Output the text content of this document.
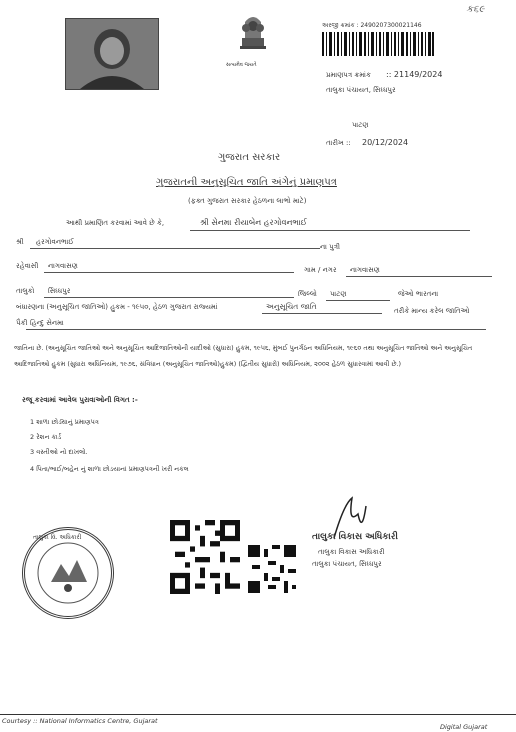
ક૬૯
સત્યમેવ જયતે
અરજી ક્રમાંક : 2490207300021146
પ્રમાણપત્ર ક્રમાંક :: 21149/2024
તાલુકા પંચાયત, સિધ્ધપુર
પાટણ
તારીખ :: 20/12/2024
ગુજરાત સરકાર
ગુજરાતની અનુસૂચિત જાતિ અંગેનું પ્રમાણપત્ર
(ફક્ત ગુજરાત સરકાર હેઠળના લાભો માટે)
આથી પ્રમાણિત કરવામાં આવે છે કે,	શ્રી સેનમા રીયાબેન હરગોવનભાઈ
શ્રી હરગોવનભાઈ
ના પુત્રી
રહેવાસી નાગવાસણ	ગામ / નગર નાગવાસણ
તાલુકો સિધ્ધપુર	જિલ્લો પાટણ	જેઓ ભારતના
બંધારણના (અનુસૂચિત જાતિઓ) હુકમ - ૧૯૫૦, હેઠળ ગુજરાત રાજ્યમાં	અનુસૂચિત જાતિ	તરીકે માન્ય કરેલ જાતિઓ
પૈકી હિન્દુ સેનમા
જાતિના છે. (અનુસૂચિત જાતિઓ અને અનુસૂચિત આદિજાતિઓની યાદીઓ (સુધારા) હુકમ, ૧૯૫૬, મુંબઈ પુનર્ગઠન અધિનિયમ, ૧૯૬૦ તથા અનુસૂચિત જાતિઓ અને અનુસૂચિત આદિજાતિઓ હુકમ (સુધારા અધિનિયમ, ૧૯૭૬, સંવિધાન (અનુસૂચિત જાતિઓ)હુકમ) (દ્વિતીય સુધારો) અધિનિયમ, ૨૦૦૨ હેઠળ સુધારવામાં આવી છે.)
રજૂ કરવામાં આવેલ પુરાવાઓની વિગત :-
1 શાળા છોડ્યાનું પ્રમાણપત્ર
2 રેશન કાર્ડ
3 વસ્તીઓ નો દાખલો.
4 પિતા/ભાઈ/બહેન નું શાળા છોડયાનાં પ્રમાણપત્રની ખરી નકલ
તાલુકા વિ. અધિકારી	તાલુકા વિકાસ અધિકારી
તાલુકા વિકાસ અધિકારી
તાલુકા પંચાયત, સિધ્ધપુર
Courtesy :: National Informatics Centre, Gujarat
Digital Gujarat
